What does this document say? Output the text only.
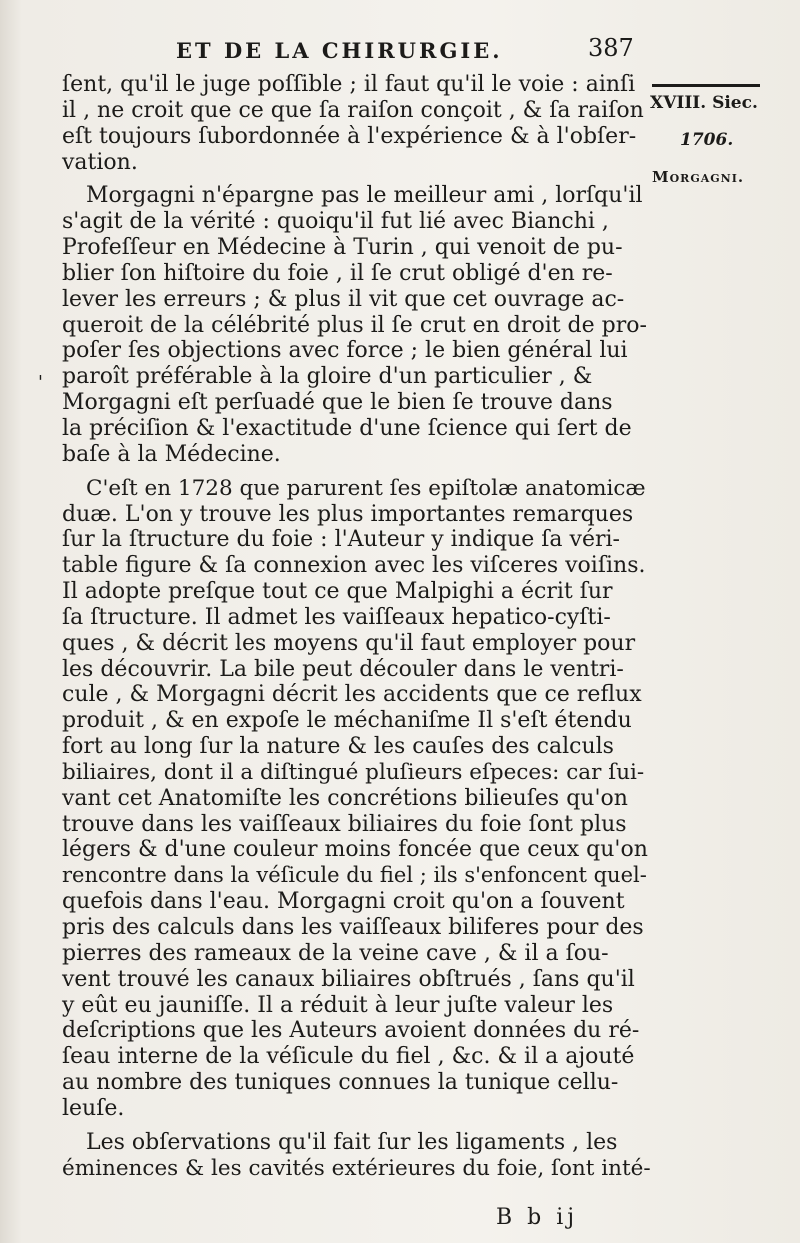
ET DE LA CHIRURGIE.	387
XVIII. Siec.
1706.
Morgagni.
'
ſent, qu'il le juge poſſible ; il faut qu'il le voie : ainſi
il , ne croit que ce que ſa raiſon conçoit , & ſa raiſon
eſt toujours ſubordonnée à l'expérience & à l'obſer-
vation.
Morgagni n'épargne pas le meilleur ami , lorſqu'il
s'agit de la vérité : quoiqu'il fut lié avec Bianchi ,
Profeſſeur en Médecine à Turin , qui venoit de pu-
blier ſon hiſtoire du foie , il ſe crut obligé d'en re-
lever les erreurs ; & plus il vit que cet ouvrage ac-
queroit de la célébrité plus il ſe crut en droit de pro-
poſer ſes objections avec force ; le bien général lui
paroît préférable à la gloire d'un particulier , &
Morgagni eſt perſuadé que le bien ſe trouve dans
la préciſion & l'exactitude d'une ſcience qui ſert de
baſe à la Médecine.
C'eſt en 1728 que parurent ſes epiſtolæ anatomicæ
duæ. L'on y trouve les plus importantes remarques
ſur la ſtructure du foie : l'Auteur y indique ſa véri-
table figure & ſa connexion avec les viſceres voiſins.
Il adopte preſque tout ce que Malpighi a écrit ſur
ſa ſtructure. Il admet les vaiſſeaux hepatico-cyſti-
ques , & décrit les moyens qu'il faut employer pour
les découvrir. La bile peut découler dans le ventri-
cule , & Morgagni décrit les accidents que ce reflux
produit , & en expoſe le méchaniſme Il s'eſt étendu
fort au long ſur la nature & les cauſes des calculs
biliaires, dont il a diſtingué pluſieurs eſpeces: car ſui-
vant cet Anatomiſte les concrétions bilieuſes qu'on
trouve dans les vaiſſeaux biliaires du foie ſont plus
légers & d'une couleur moins foncée que ceux qu'on
rencontre dans la véſicule du fiel ; ils s'enfoncent quel-
quefois dans l'eau. Morgagni croit qu'on a ſouvent
pris des calculs dans les vaiſſeaux biliferes pour des
pierres des rameaux de la veine cave , & il a ſou-
vent trouvé les canaux biliaires obſtrués , ſans qu'il
y eût eu jauniſſe. Il a réduit à leur juſte valeur les
deſcriptions que les Auteurs avoient données du ré-
ſeau interne de la véſicule du fiel , &c. & il a ajouté
au nombre des tuniques connues la tunique cellu-
leuſe.
Les obſervations qu'il fait ſur les ligaments , les
éminences & les cavités extérieures du foie, ſont inté-
B b ij
